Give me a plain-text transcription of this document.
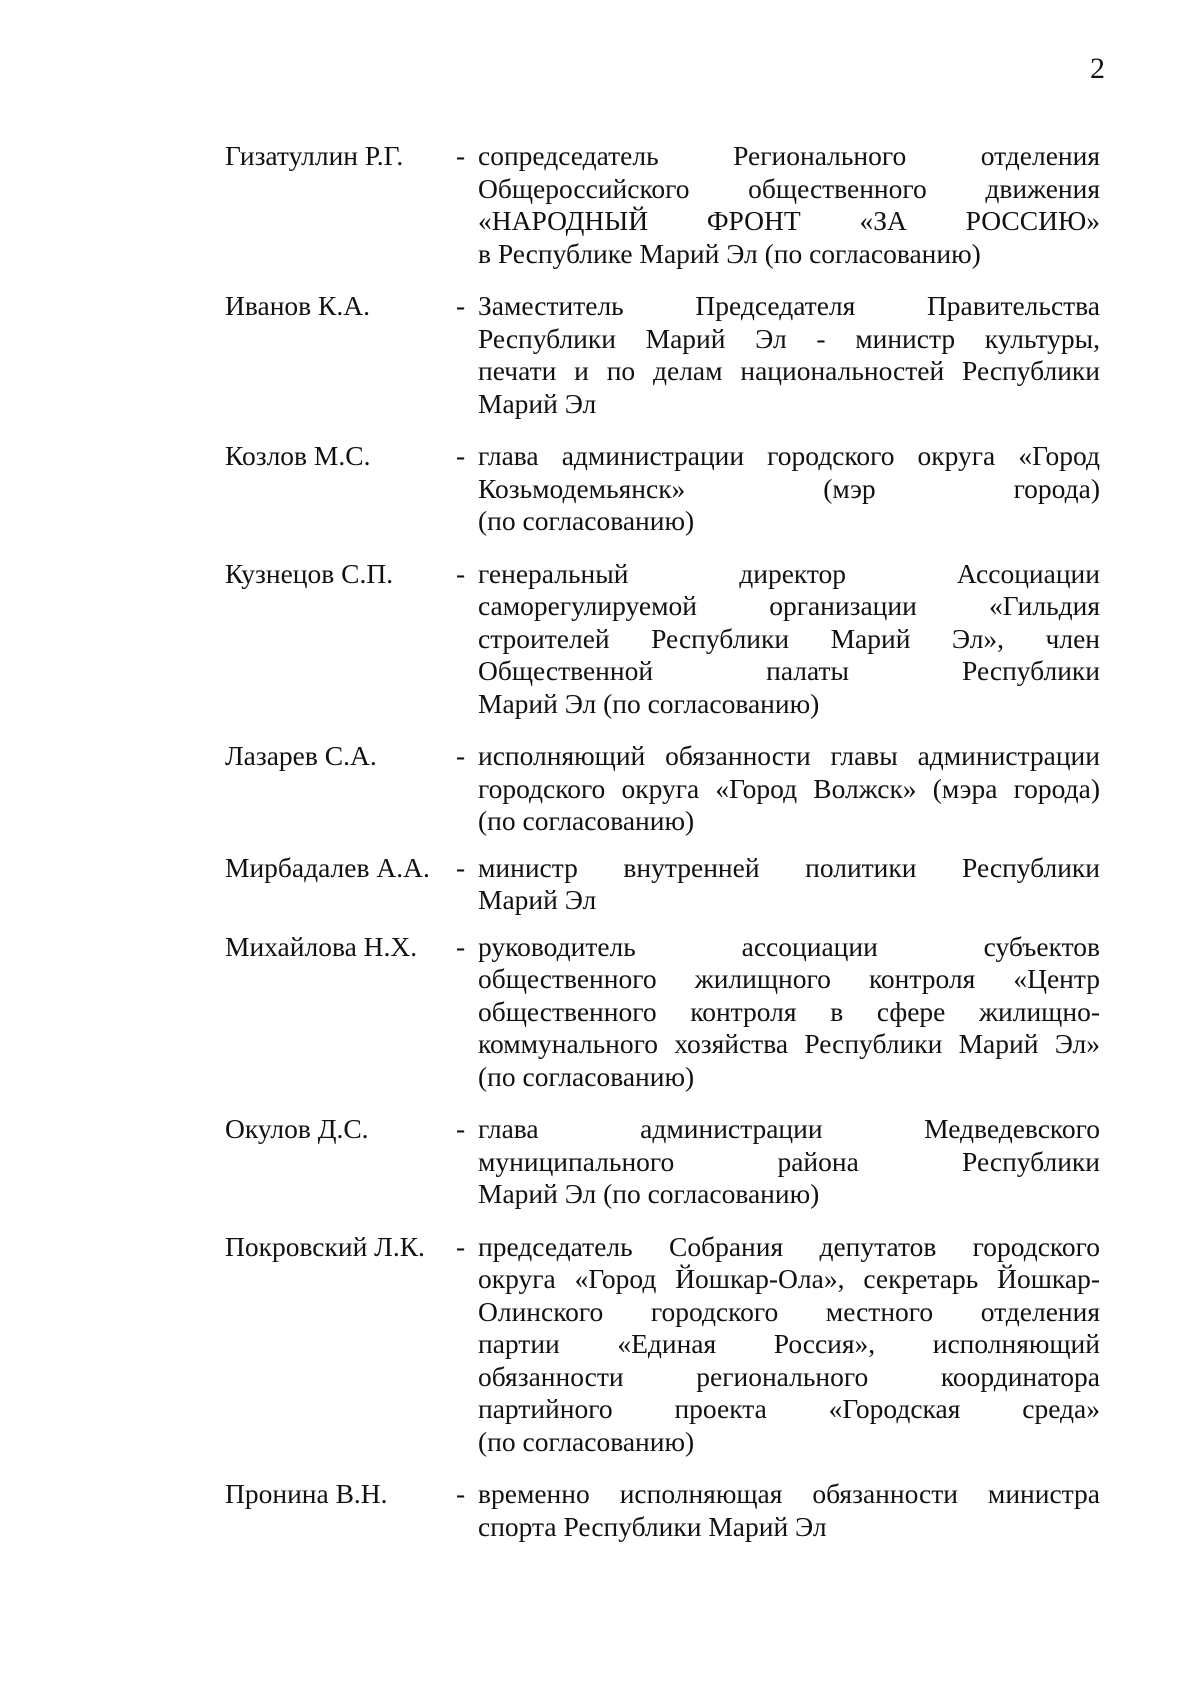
2
Гизатуллин Р.Г.	- сопредседатель Регионального отделения
Общероссийского общественного движения
«НАРОДНЫЙ ФРОНТ «ЗА РОССИЮ»
в Республике Марий Эл (по согласованию)
Иванов К.А.	- Заместитель Председателя Правительства
Республики Марий Эл - министр культуры,
печати и по делам национальностей Республики
Марий Эл
Козлов М.С.	- глава администрации городского округа «Город
Козьмодемьянск» (мэр города)
(по согласованию)
Кузнецов С.П.	- генеральный директор Ассоциации
саморегулируемой организации «Гильдия
строителей Республики Марий Эл», член
Общественной палаты Республики
Марий Эл (по согласованию)
Лазарев С.А.	- исполняющий обязанности главы администрации
городского округа «Город Волжск» (мэра города)
(по согласованию)
Мирбадалев А.А. - министр внутренней политики Республики
Марий Эл
Михайлова Н.Х.	- руководитель ассоциации субъектов
общественного жилищного контроля «Центр
общественного контроля в сфере жилищно-
коммунального хозяйства Республики Марий Эл»
(по согласованию)
Окулов Д.С.	- глава администрации Медведевского
муниципального района Республики
Марий Эл (по согласованию)
Покровский Л.К.	- председатель Собрания депутатов городского
округа «Город Йошкар-Ола», секретарь Йошкар-
Олинского городского местного отделения
партии «Единая Россия», исполняющий
обязанности регионального координатора
партийного проекта «Городская среда»
(по согласованию)
Пронина В.Н.	- временно исполняющая обязанности министра
спорта Республики Марий Эл
